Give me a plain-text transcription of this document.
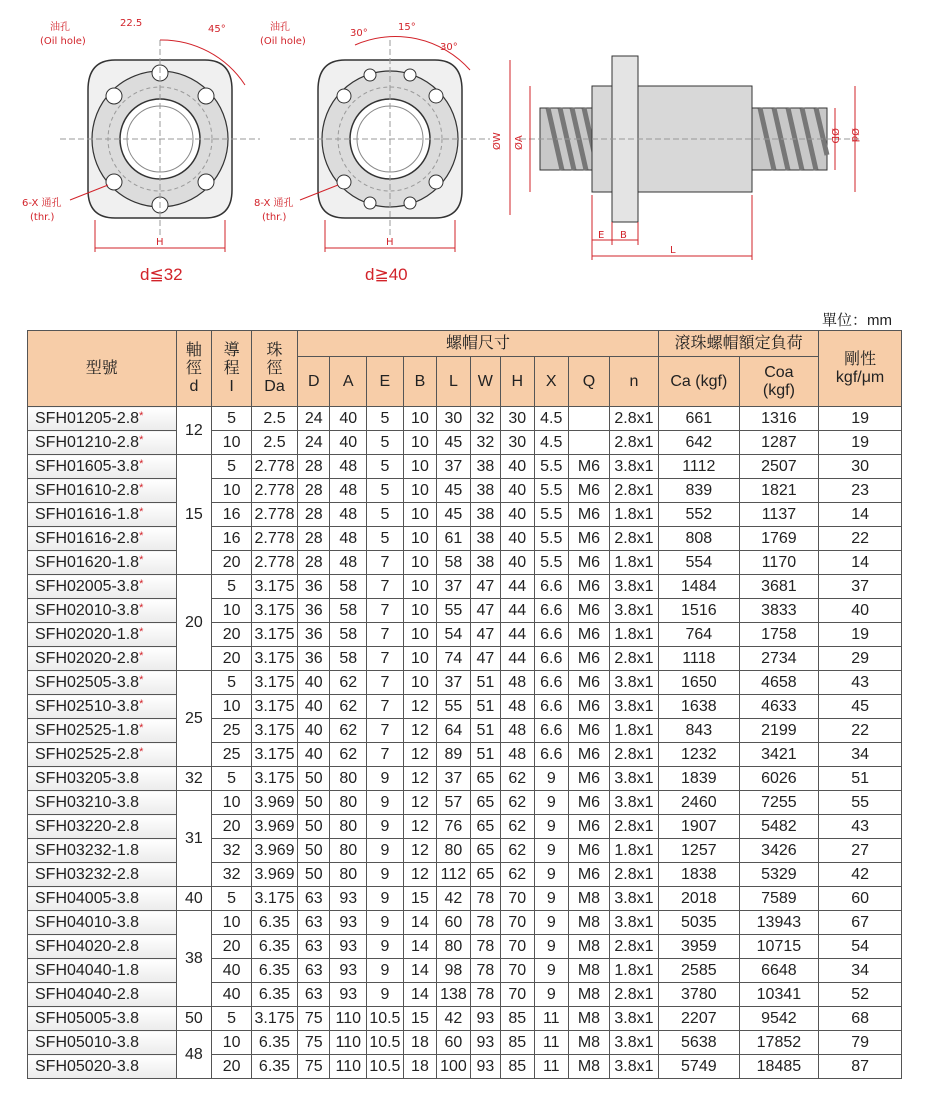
油孔
(Oil hole)
22.5
45°
6-X 通孔
(thr.)
H
d≦32
油孔
(Oil hole)
30°
15°
30°
8-X 通孔
(thr.)
H
d≧40
ØW ØA	ØD Ød
E B
L
單位：mm
型號	軸
徑
d	導
程
I	珠
徑
Da	螺帽尺寸										滾珠螺帽額定負荷		剛性
kgf/μm
				D	A	E	B	L	W	H	X	Q	n	Ca (kgf)	Coa
(kgf)	
SFH01205-2.8*	12	5	2.5	24	40	5	10	30	32	30	4.5		2.8x1	661	1316	19
SFH01210-2.8*		10	2.5	24	40	5	10	45	32	30	4.5		2.8x1	642	1287	19
SFH01605-3.8*	15	5	2.778	28	48	5	10	37	38	40	5.5	M6	3.8x1	1112	2507	30
SFH01610-2.8*		10	2.778	28	48	5	10	45	38	40	5.5	M6	2.8x1	839	1821	23
SFH01616-1.8*		16	2.778	28	48	5	10	45	38	40	5.5	M6	1.8x1	552	1137	14
SFH01616-2.8*		16	2.778	28	48	5	10	61	38	40	5.5	M6	2.8x1	808	1769	22
SFH01620-1.8*		20	2.778	28	48	7	10	58	38	40	5.5	M6	1.8x1	554	1170	14
SFH02005-3.8*	20	5	3.175	36	58	7	10	37	47	44	6.6	M6	3.8x1	1484	3681	37
SFH02010-3.8*		10	3.175	36	58	7	10	55	47	44	6.6	M6	3.8x1	1516	3833	40
SFH02020-1.8*		20	3.175	36	58	7	10	54	47	44	6.6	M6	1.8x1	764	1758	19
SFH02020-2.8*		20	3.175	36	58	7	10	74	47	44	6.6	M6	2.8x1	1118	2734	29
SFH02505-3.8*	25	5	3.175	40	62	7	10	37	51	48	6.6	M6	3.8x1	1650	4658	43
SFH02510-3.8*		10	3.175	40	62	7	12	55	51	48	6.6	M6	3.8x1	1638	4633	45
SFH02525-1.8*		25	3.175	40	62	7	12	64	51	48	6.6	M6	1.8x1	843	2199	22
SFH02525-2.8*		25	3.175	40	62	7	12	89	51	48	6.6	M6	2.8x1	1232	3421	34
SFH03205-3.8	32	5	3.175	50	80	9	12	37	65	62	9	M6	3.8x1	1839	6026	51
SFH03210-3.8	31	10	3.969	50	80	9	12	57	65	62	9	M6	3.8x1	2460	7255	55
SFH03220-2.8		20	3.969	50	80	9	12	76	65	62	9	M6	2.8x1	1907	5482	43
SFH03232-1.8		32	3.969	50	80	9	12	80	65	62	9	M6	1.8x1	1257	3426	27
SFH03232-2.8		32	3.969	50	80	9	12	112	65	62	9	M6	2.8x1	1838	5329	42
SFH04005-3.8	40	5	3.175	63	93	9	15	42	78	70	9	M8	3.8x1	2018	7589	60
SFH04010-3.8	38	10	6.35	63	93	9	14	60	78	70	9	M8	3.8x1	5035	13943	67
SFH04020-2.8		20	6.35	63	93	9	14	80	78	70	9	M8	2.8x1	3959	10715	54
SFH04040-1.8		40	6.35	63	93	9	14	98	78	70	9	M8	1.8x1	2585	6648	34
SFH04040-2.8		40	6.35	63	93	9	14	138	78	70	9	M8	2.8x1	3780	10341	52
SFH05005-3.8	50	5	3.175	75	110	10.5	15	42	93	85	11	M8	3.8x1	2207	9542	68
SFH05010-3.8	48	10	6.35	75	110	10.5	18	60	93	85	11	M8	3.8x1	5638	17852	79
SFH05020-3.8		20	6.35	75	110	10.5	18	100	93	85	11	M8	3.8x1	5749	18485	87
